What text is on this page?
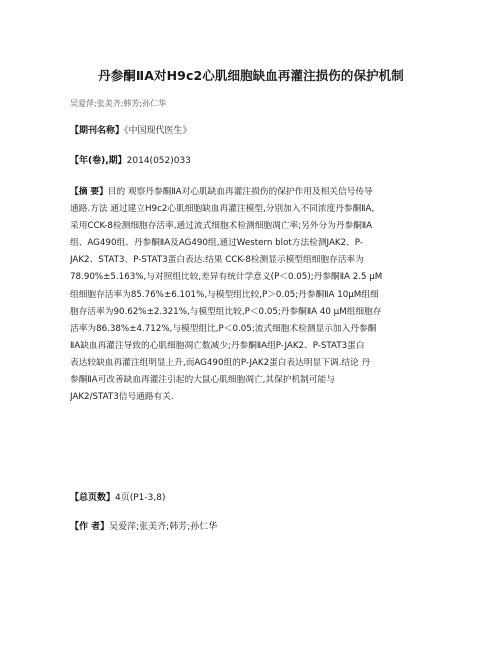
丹参酮ⅡA对H9c2心肌细胞缺血再灌注损伤的保护机制
吴爱萍;张美齐;韩芳;孙仁华
【期刊名称】《中国现代医生》
【年(卷),期】2014(052)033
【摘 要】目的 观察丹参酮ⅡA对心肌缺血再灌注损伤的保护作用及相关信号传导
通路.方法 通过建立H9c2心肌细胞缺血再灌注模型,分别加入不同浓度丹参酮ⅡA,
采用CCK-8检测细胞存活率,通过流式细胞术检测细胞凋亡率;另外分为丹参酮ⅡA
组、AG490组、丹参酮ⅡA及AG490组,通过Western blot方法检测JAK2、P-
JAK2、STAT3、P-STAT3蛋白表达.结果 CCK-8检测显示模型组细胞存活率为
78.90%±5.163%,与对照组比较,差异有统计学意义(P＜0.05);丹参酮ⅡA 2.5 μM
组细胞存活率为85.76%±6.101%,与模型组比较,P＞0.05;丹参酮ⅡA 10μM组细
胞存活率为90.62%±2.321%,与模型组比较,P＜0.05;丹参酮ⅡA 40 μM组细胞存
活率为86.38%±4.712%,与模型组比,P＜0.05;流式细胞术检测显示加入丹参酮
ⅡA缺血再灌注导致的心肌细胞凋亡数减少;丹参酮ⅡA组P-JAK2、P-STAT3蛋白
表达较缺血再灌注组明显上升,而AG490组的P-JAK2蛋白表达明显下调.结论 丹
参酮ⅡA可改善缺血再灌注引起的大鼠心肌细胞凋亡,其保护机制可能与
JAK2/STAT3信号通路有关.
【总页数】4页(P1-3,8)
【作 者】吴爱萍;张美齐;韩芳;孙仁华
